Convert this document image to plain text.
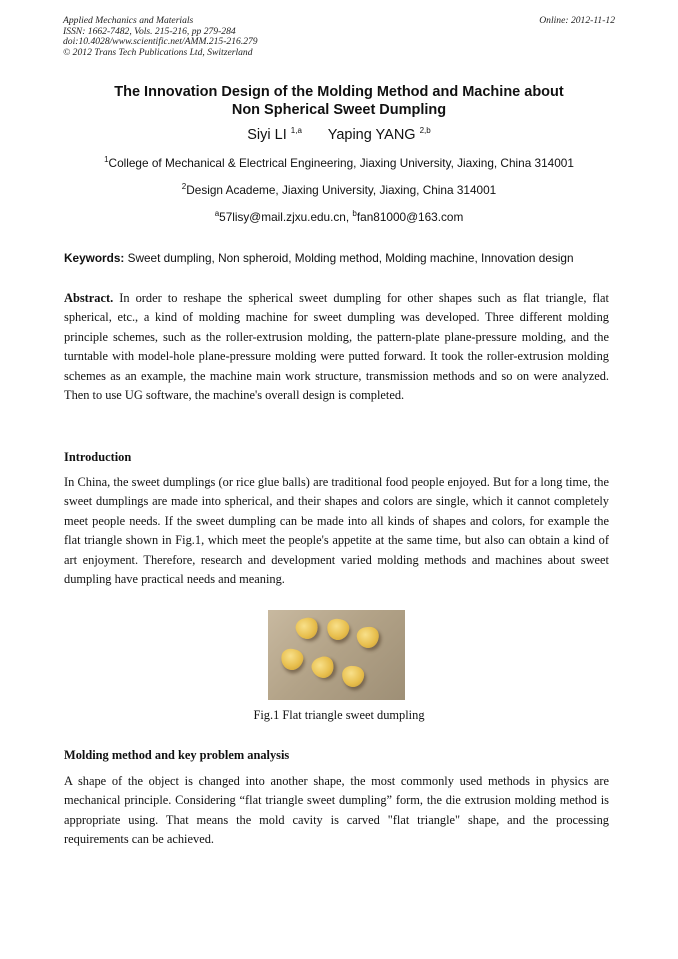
Applied Mechanics and Materials
ISSN: 1662-7482, Vols. 215-216, pp 279-284
doi:10.4028/www.scientific.net/AMM.215-216.279
© 2012 Trans Tech Publications Ltd, Switzerland
Online: 2012-11-12
The Innovation Design of the Molding Method and Machine about
Non Spherical Sweet Dumpling
Siyi LI $^{1,a}$ Yaping YANG $^{2,b}$
$^1$College of Mechanical & Electrical Engineering, Jiaxing University, Jiaxing, China 314001
$^2$Design Academe, Jiaxing University, Jiaxing, China 314001
$^a$57lisy@mail.zjxu.edu.cn, $^b$fan81000@163.com
Keywords: Sweet dumpling, Non spheroid, Molding method, Molding machine, Innovation design
Abstract. In order to reshape the spherical sweet dumpling for other shapes such as flat triangle, flat spherical, etc., a kind of molding machine for sweet dumpling was developed. Three different molding principle schemes, such as the roller-extrusion molding, the pattern-plate plane-pressure molding, and the turntable with model-hole plane-pressure molding were putted forward. It took the roller-extrusion molding schemes as an example, the machine main work structure, transmission methods and so on were analyzed. Then to use UG software, the machine's overall design is completed.
Introduction
In China, the sweet dumplings (or rice glue balls) are traditional food people enjoyed. But for a long time, the sweet dumplings are made into spherical, and their shapes and colors are single, which it cannot completely meet people needs. If the sweet dumpling can be made into all kinds of shapes and colors, for example the flat triangle shown in Fig.1, which meet the people's appetite at the same time, but also can obtain a kind of art enjoyment. Therefore, research and development varied molding methods and machines about sweet dumpling have practical needs and meaning.
Fig.1 Flat triangle sweet dumpling
Molding method and key problem analysis
A shape of the object is changed into another shape, the most commonly used methods in physics are mechanical principle. Considering “flat triangle sweet dumpling” form, the die extrusion molding method is appropriate using. That means the mold cavity is carved "flat triangle" shape, and the processing requirements can be achieved.
